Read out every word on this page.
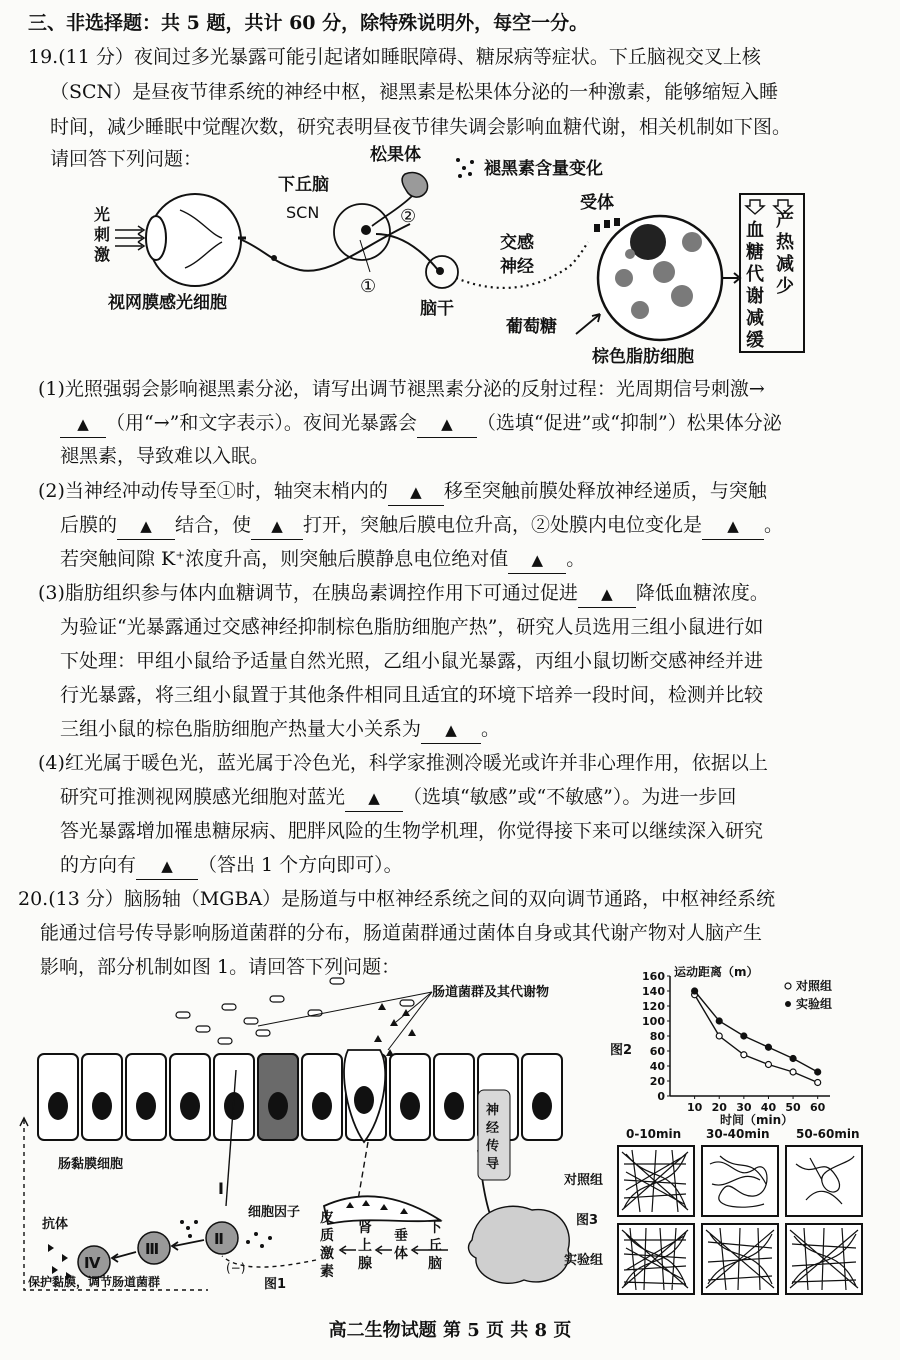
三、非选择题：共 5 题，共计 60 分，除特殊说明外，每空一分。
19.(11 分）夜间过多光暴露可能引起诸如睡眠障碍、糖尿病等症状。下丘脑视交叉上核
（SCN）是昼夜节律系统的神经中枢，褪黑素是松果体分泌的一种激素，能够缩短入睡
时间，减少睡眠中觉醒次数，研究表明昼夜节律失调会影响血糖代谢，相关机制如下图。
请回答下列问题：
光
刺
激
视网膜感光细胞
下丘脑
SCN	②
①
松果体
褪黑素含量变化
脑干
交感
神经
受体
葡萄糖
棕色脂肪细胞
血
糖
代
谢
减
缓
产
热
减
少
(1)光照强弱会影响褪黑素分泌，请写出调节褪黑素分泌的反射过程：光周期信号刺激→
▲ （用“→”和文字表示）。夜间光暴露会 ▲ （选填“促进”或“抑制”）松果体分泌
褪黑素，导致难以入眠。
(2)当神经冲动传导至①时，轴突末梢内的 ▲ 移至突触前膜处释放神经递质，与突触
后膜的 ▲ 结合，使 ▲ 打开，突触后膜电位升高，②处膜内电位变化是 ▲ 。
若突触间隙 K⁺浓度升高，则突触后膜静息电位绝对值 ▲ 。
(3)脂肪组织参与体内血糖调节，在胰岛素调控作用下可通过促进 ▲ 降低血糖浓度。
为验证“光暴露通过交感神经抑制棕色脂肪细胞产热”，研究人员选用三组小鼠进行如
下处理：甲组小鼠给予适量自然光照，乙组小鼠光暴露，丙组小鼠切断交感神经并进
行光暴露，将三组小鼠置于其他条件相同且适宜的环境下培养一段时间，检测并比较
三组小鼠的棕色脂肪细胞产热量大小关系为 ▲ 。
(4)红光属于暖色光，蓝光属于冷色光，科学家推测冷暖光或许并非心理作用，依据以上
研究可推测视网膜感光细胞对蓝光 ▲ （选填“敏感”或“不敏感”）。为进一步回
答光暴露增加罹患糖尿病、肥胖风险的生物学机理，你觉得接下来可以继续深入研究
的方向有 ▲ （答出 1 个方向即可）。
20.(13 分）脑肠轴（MGBA）是肠道与中枢神经系统之间的双向调节通路，中枢神经系统
能通过信号传导影响肠道菌群的分布，肠道菌群通过菌体自身或其代谢产物对人脑产生
影响，部分机制如图 1。请回答下列问题：
肠道菌群及其代谢物
肠黏膜细胞
I
Ⅱ
Ⅲ
Ⅳ
细胞因子
抗体
神
经
传
导
下
丘
脑
垂
体
肾
上
腺
皮
质
激
素
(−)
保护黏膜，调节肠道菌群	图1
图2
运动距离（m）
时间（min）
0
20
40
60
80
100
120
140
160
10 20 30 40 50 60
对照组
实验组
0-10min 30-40min 50-60min
对照组
实验组
图3
高二生物试题 第 5 页 共 8 页
